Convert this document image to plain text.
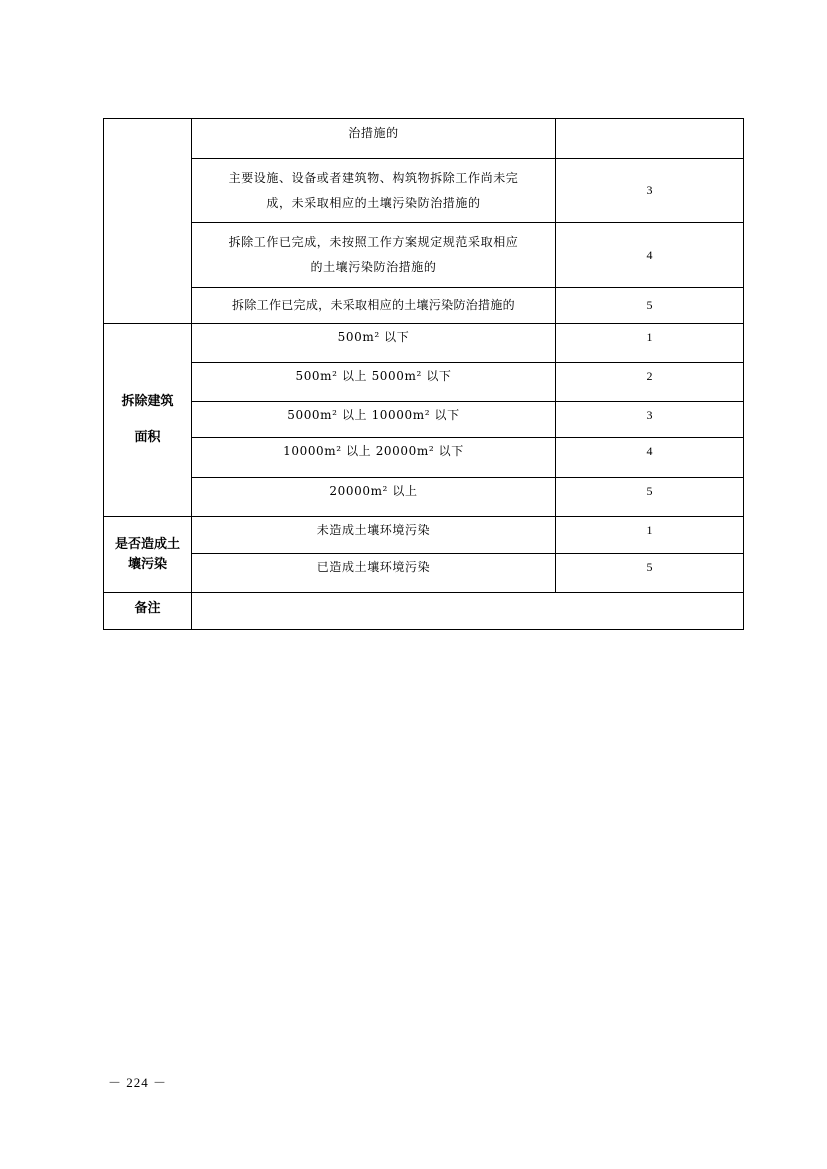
	治措施的	

	主要设施、设备或者建筑物、构筑物拆除工作尚未完
成，未采取相应的土壤污染防治措施的	3

	拆除工作已完成，未按照工作方案规定规范采取相应
的土壤污染防治措施的	4
	拆除工作已完成，未采取相应的土壤污染防治措施的	5

拆除建筑
面积	500m² 以下	1
	500m² 以上 5000m² 以下	2
	5000m² 以上 10000m² 以下	3
	10000m² 以上 20000m² 以下	4
	20000m² 以上	5

是否造成土
壤污染	未造成土壤环境污染	1
	已造成土壤环境污染	5
备注		
－ 224 －
